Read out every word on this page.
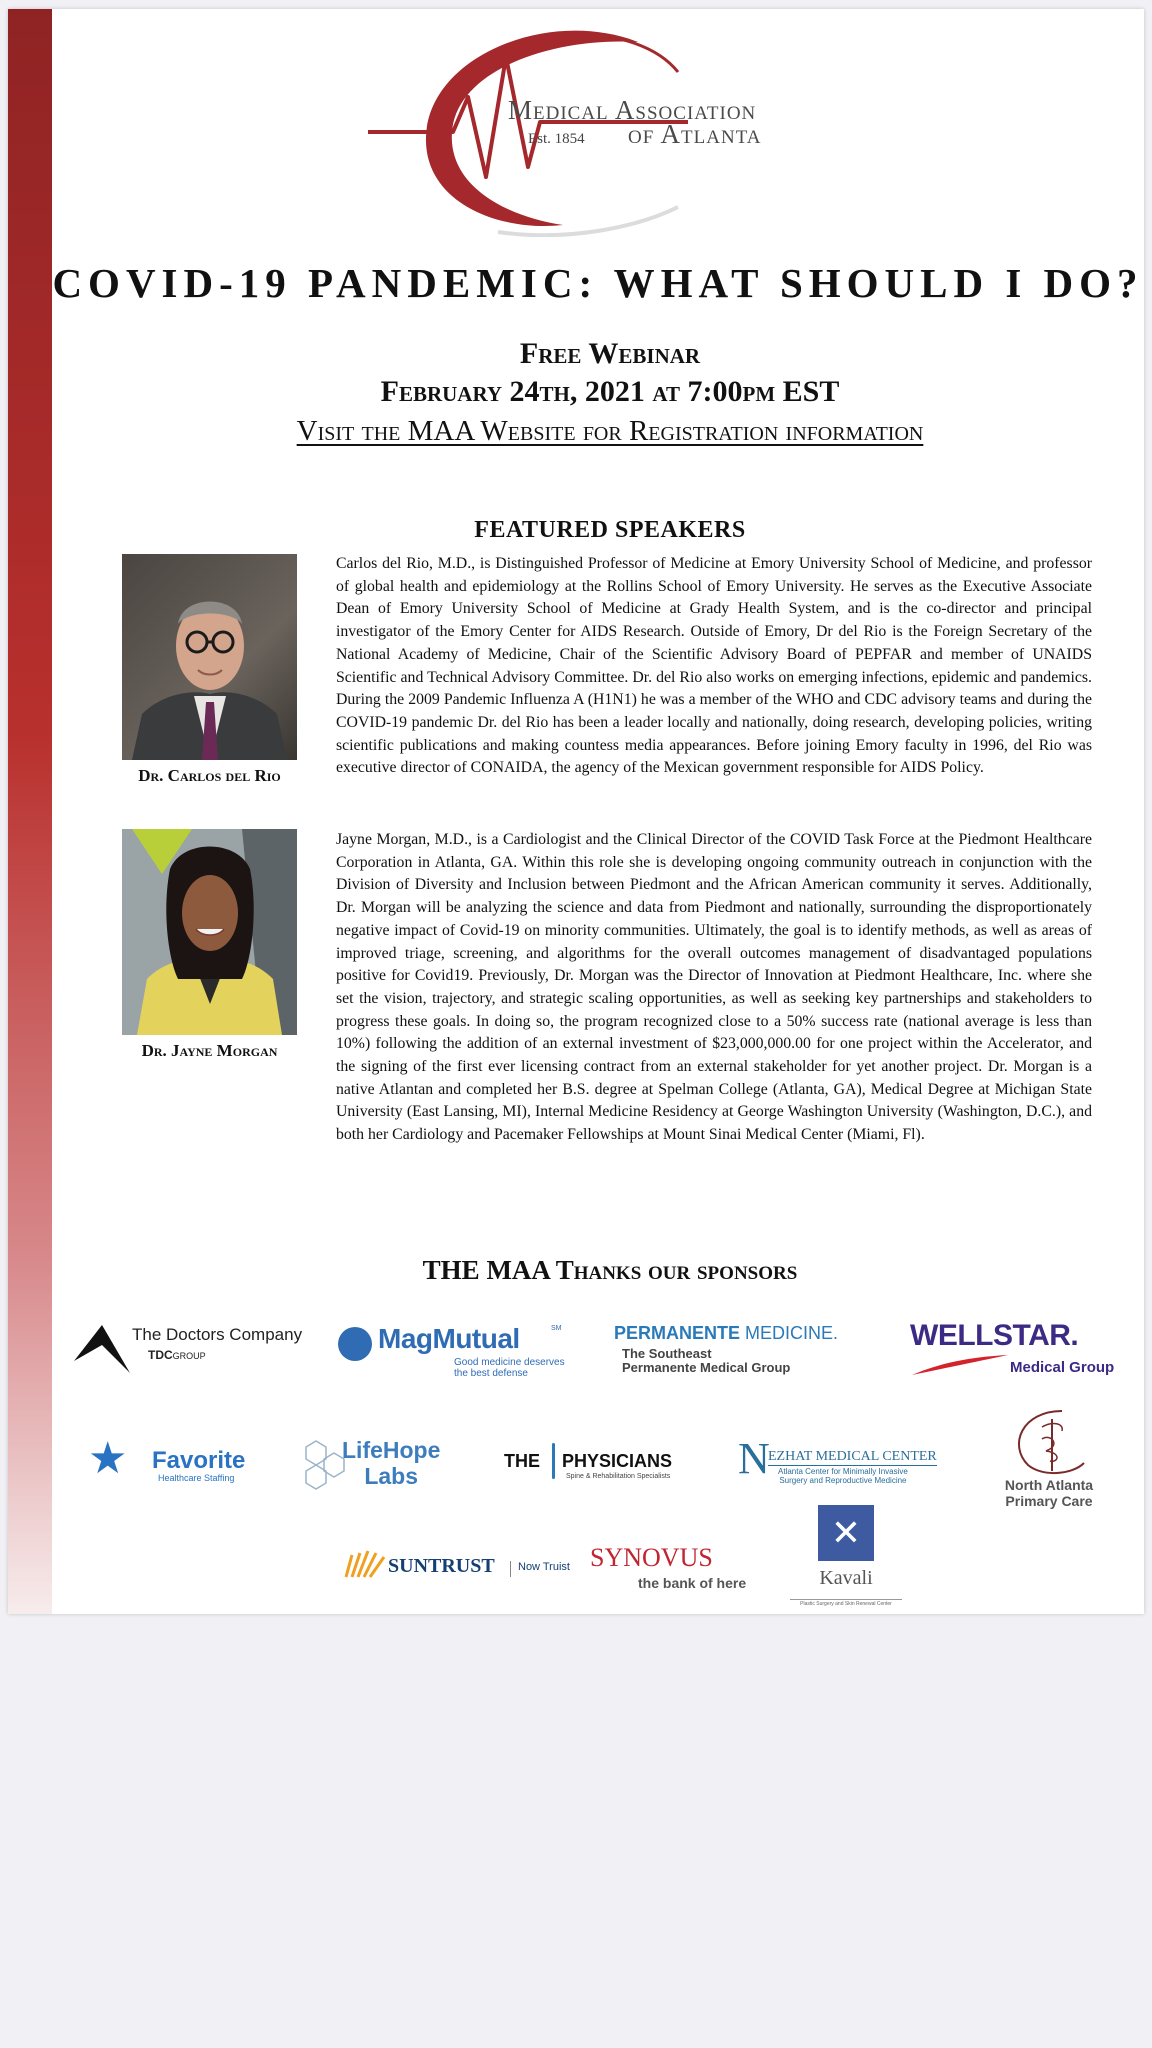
Medical Association
Est. 1854 of Atlanta
COVID-19 PANDEMIC: WHAT SHOULD I DO?
Free Webinar
February 24th, 2021 at 7:00pm EST
Visit the MAA Website for Registration information
FEATURED SPEAKERS
Dr. Carlos del Rio
Carlos del Rio, M.D., is Distinguished Professor of Medicine at Emory University School of Medicine, and professor of global health and epidemiology at the Rollins School of Emory University. He serves as the Executive Associate Dean of Emory University School of Medicine at Grady Health System, and is the co-director and principal investigator of the Emory Center for AIDS Research. Outside of Emory, Dr del Rio is the Foreign Secretary of the National Academy of Medicine, Chair of the Scientific Advisory Board of PEPFAR and member of UNAIDS Scientific and Technical Advisory Committee. Dr. del Rio also works on emerging infections, epidemic and pandemics. During the 2009 Pandemic Influenza A (H1N1) he was a member of the WHO and CDC advisory teams and during the COVID-19 pandemic Dr. del Rio has been a leader locally and nationally, doing research, developing policies, writing scientific publications and making countess media appearances. Before joining Emory faculty in 1996, del Rio was executive director of CONAIDA, the agency of the Mexican government responsible for AIDS Policy.
Dr. Jayne Morgan
Jayne Morgan, M.D., is a Cardiologist and the Clinical Director of the COVID Task Force at the Piedmont Healthcare Corporation in Atlanta, GA. Within this role she is developing ongoing community outreach in conjunction with the Division of Diversity and Inclusion between Piedmont and the African American community it serves. Additionally, Dr. Morgan will be analyzing the science and data from Piedmont and nationally, surrounding the disproportionately negative impact of Covid-19 on minority communities. Ultimately, the goal is to identify methods, as well as areas of improved triage, screening, and algorithms for the overall outcomes management of disadvantaged populations positive for Covid19. Previously, Dr. Morgan was the Director of Innovation at Piedmont Healthcare, Inc. where she set the vision, trajectory, and strategic scaling opportunities, as well as seeking key partnerships and stakeholders to progress these goals. In doing so, the program recognized close to a 50% success rate (national average is less than 10%) following the addition of an external investment of $23,000,000.00 for one project within the Accelerator, and the signing of the first ever licensing contract from an external stakeholder for yet another project. Dr. Morgan is a native Atlantan and completed her B.S. degree at Spelman College (Atlanta, GA), Medical Degree at Michigan State University (East Lansing, MI), Internal Medicine Residency at George Washington University (Washington, D.C.), and both her Cardiology and Pacemaker Fellowships at Mount Sinai Medical Center (Miami, Fl).
THE MAA Thanks our sponsors
The Doctors Company
TDCGROUP
MagMutual	SM
Good medicine deserves
the best defense
PERMANENTE MEDICINE.
The Southeast
Permanente Medical Group
WELLSTAR.
Medical Group
★ Favorite
Healthcare Staffing
LifeHope
Labs
THE PHYSICIANS
Spine & Rehabilitation Specialists N
EZHAT MEDICAL CENTER
Atlanta Center for Minimally Invasive
Surgery and Reproductive Medicine	North Atlanta
Primary Care
SUNTRUST Now Truist SYNOVUS
the bank of here
✕
Kavali
Plastic Surgery and Skin Renewal Center
